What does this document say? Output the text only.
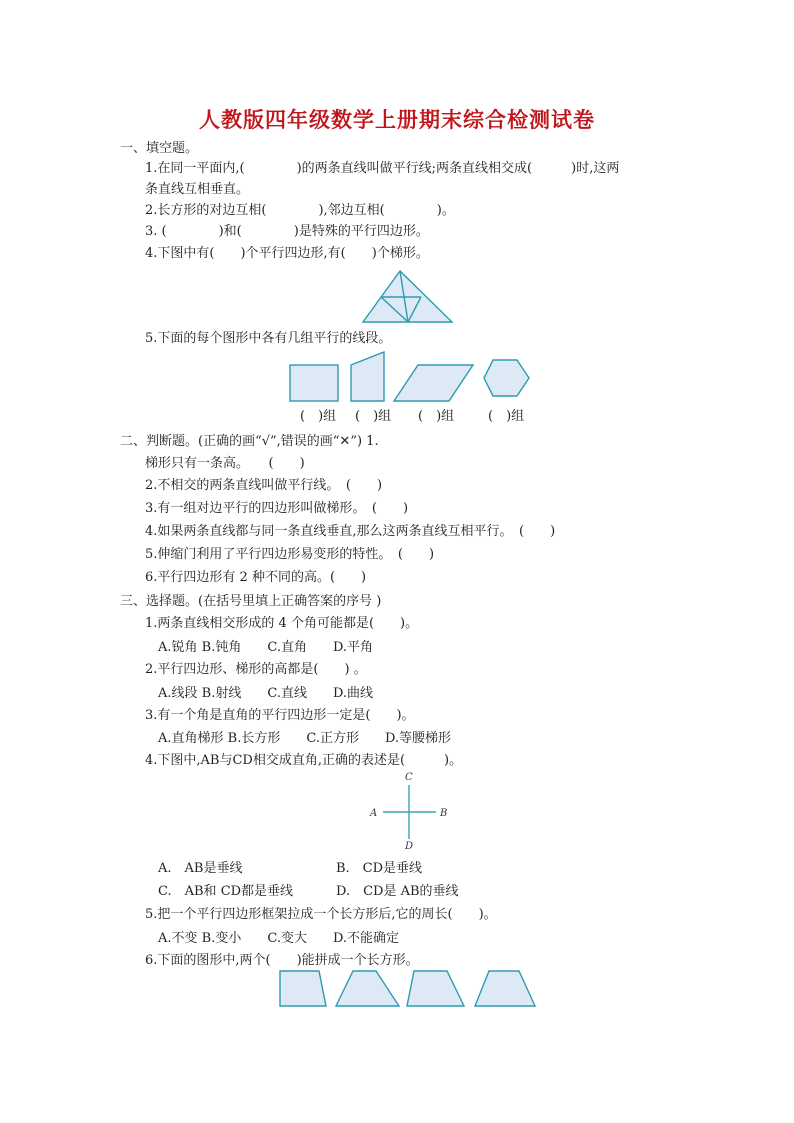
人教版四年级数学上册期末综合检测试卷
一、填空题。
1.在同一平面内,(　　　　)的两条直线叫做平行线;两条直线相交成(　　　)时,这两
条直线互相垂直。
2.长方形的对边互相(　　　　),邻边互相(　　　　)。
3. (　　　　)和(　　　　)是特殊的平行四边形。
4.下图中有(　　)个平行四边形,有(　　)个梯形。
5.下面的每个图形中各有几组平行的线段。
(　)组 (　)组 (　)组	(　)组
二、判断题。(正确的画“√”,错误的画“✕”) 1.
梯形只有一条高。　　(　　)
2.不相交的两条直线叫做平行线。　(　　)
3.有一组对边平行的四边形叫做梯形。　(　　)
4.如果两条直线都与同一条直线垂直,那么这两条直线互相平行。　(　　)
5.伸缩门利用了平行四边形易变形的特性。　(　　)
6.平行四边形有 2 种不同的高。(　　)
三、选择题。(在括号里填上正确答案的序号 )
1.两条直线相交形成的 4 个角可能都是(　　)。
A.锐角 B.钝角　　C.直角　　D.平角
2.平行四边形、梯形的高都是(　　) 。
A.线段 B.射线　　C.直线　　D.曲线
3.有一个角是直角的平行四边形一定是(　　)。
A.直角梯形 B.长方形　　C.正方形　　D.等腰梯形
4.下图中,AB与CD相交成直角,正确的表述是(　　　)。
A	B
C
D
A.　AB是垂线	B.　CD是垂线
C.　AB和 CD都是垂线	D.　CD是 AB的垂线
5.把一个平行四边形框架拉成一个长方形后,它的周长(　　)。
A.不变 B.变小　　C.变大　　D.不能确定
6.下面的图形中,两个(　　)能拼成一个长方形。
